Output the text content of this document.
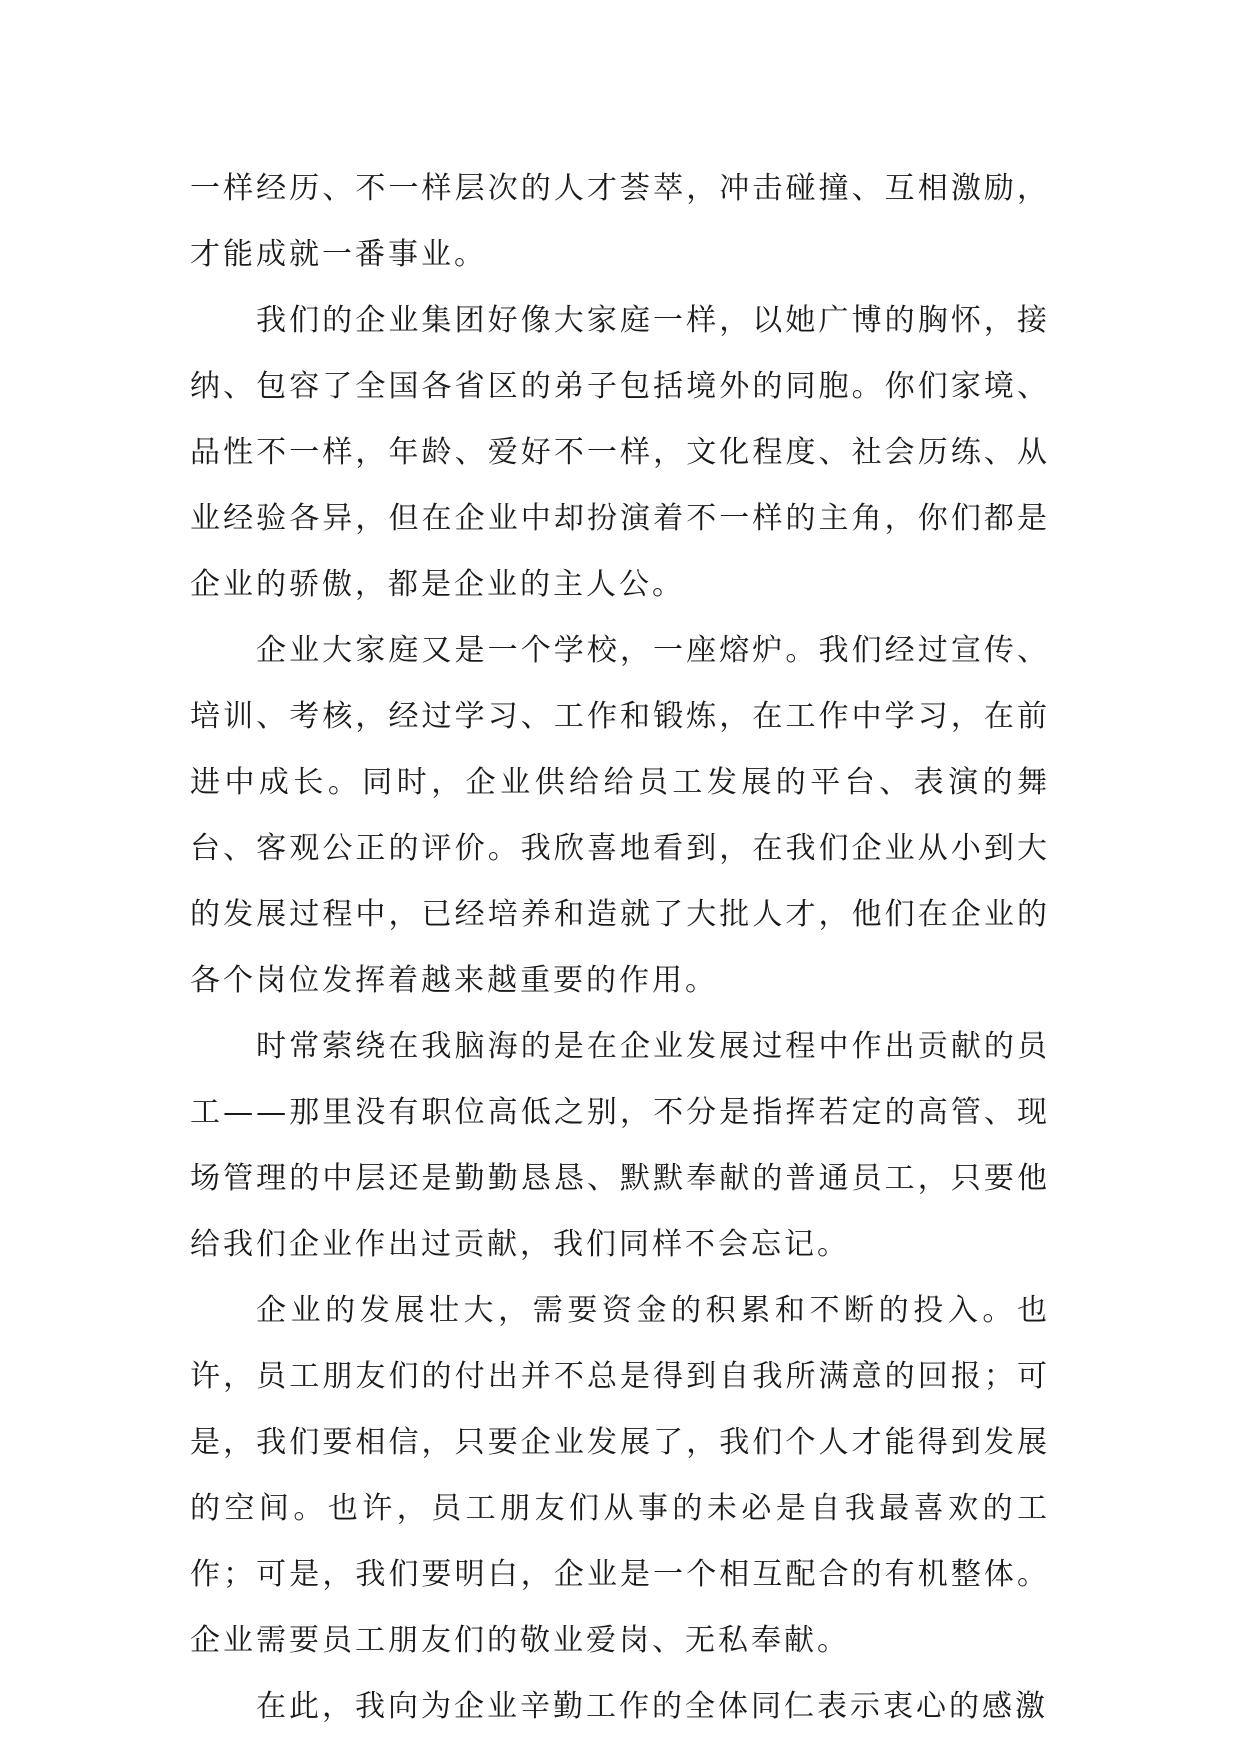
一样经历、不一样层次的人才荟萃，冲击碰撞、互相激励，才能成就一番事业。

我们的企业集团好像大家庭一样，以她广博的胸怀，接纳、包容了全国各省区的弟子包括境外的同胞。你们家境、品性不一样，年龄、爱好不一样，文化程度、社会历练、从业经验各异，但在企业中却扮演着不一样的主角，你们都是企业的骄傲，都是企业的主人公。

企业大家庭又是一个学校，一座熔炉。我们经过宣传、培训、考核，经过学习、工作和锻炼，在工作中学习，在前进中成长。同时，企业供给给员工发展的平台、表演的舞台、客观公正的评价。我欣喜地看到，在我们企业从小到大的发展过程中，已经培养和造就了大批人才，他们在企业的各个岗位发挥着越来越重要的作用。

时常萦绕在我脑海的是在企业发展过程中作出贡献的员工——那里没有职位高低之别，不分是指挥若定的高管、现场管理的中层还是勤勤恳恳、默默奉献的普通员工，只要他给我们企业作出过贡献，我们同样不会忘记。

企业的发展壮大，需要资金的积累和不断的投入。也许，员工朋友们的付出并不总是得到自我所满意的回报；可是，我们要相信，只要企业发展了，我们个人才能得到发展的空间。也许，员工朋友们从事的未必是自我最喜欢的工作；可是，我们要明白，企业是一个相互配合的有机整体。企业需要员工朋友们的敬业爱岗、无私奉献。

在此，我向为企业辛勤工作的全体同仁表示衷心的感激
